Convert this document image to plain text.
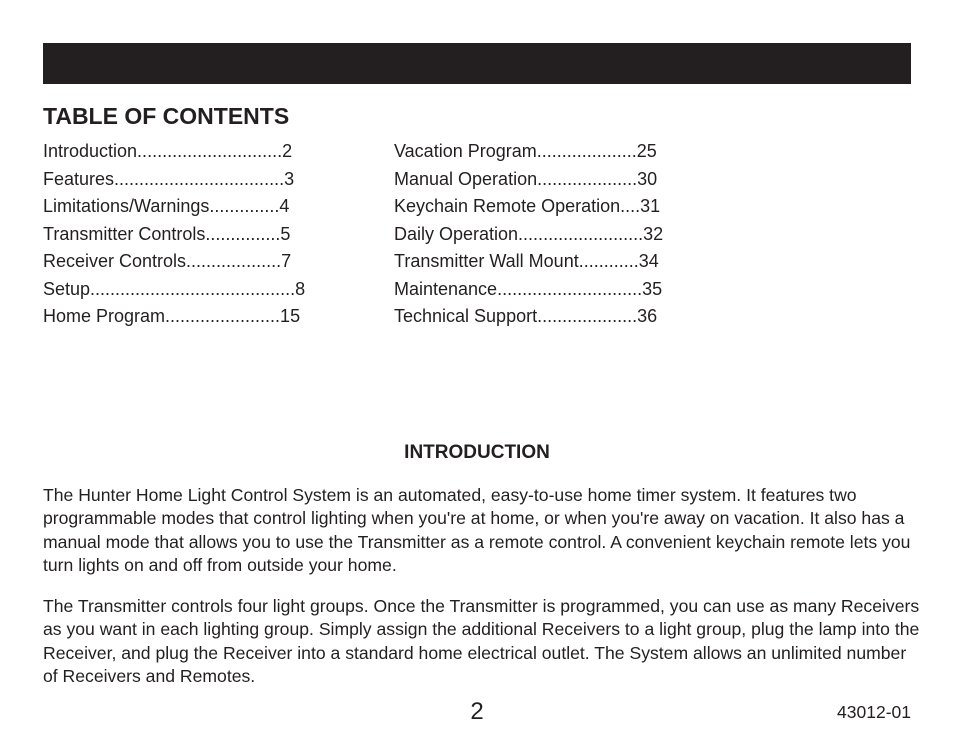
TABLE OF CONTENTS
Introduction.............................2
Features..................................3
Limitations/Warnings..............4
Transmitter Controls...............5
Receiver Controls...................7
Setup.........................................8
Home Program.......................15
Vacation Program....................25
Manual Operation....................30
Keychain Remote Operation....31
Daily Operation.........................32
Transmitter Wall Mount............34
Maintenance.............................35
Technical Support....................36
INTRODUCTION

The Hunter Home Light Control System is an automated, easy-to-use home timer system. It features two programmable modes that control lighting when you're at home, or when you're away on vacation. It also has a manual mode that allows you to use the Transmitter as a remote control. A convenient keychain remote lets you turn lights on and off from outside your home.

The Transmitter controls four light groups. Once the Transmitter is programmed, you can use as many Receivers as you want in each lighting group. Simply assign the additional Receivers to a light group, plug the lamp into the Receiver, and plug the Receiver into a standard home electrical outlet. The System allows an unlimited number of Receivers and Remotes.

2	43012-01
